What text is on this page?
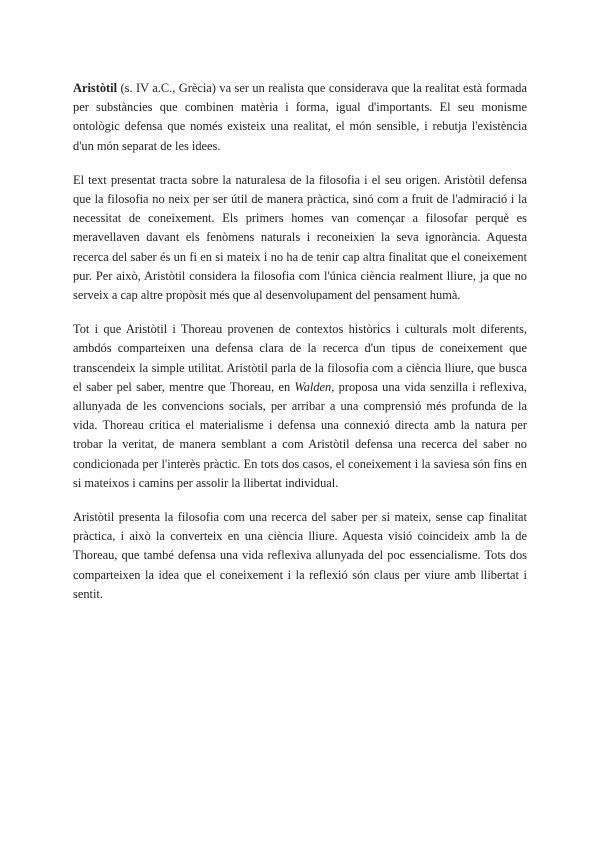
Aristòtil (s. IV a.C., Grècia) va ser un realista que considerava que la realitat està formada per substàncies que combinen matèria i forma, igual d'importants. El seu monisme ontològic defensa que només existeix una realitat, el món sensible, i rebutja l'existència d'un món separat de les idees.

El text presentat tracta sobre la naturalesa de la filosofia i el seu origen. Aristòtil defensa que la filosofia no neix per ser útil de manera pràctica, sinó com a fruit de l'admiració i la necessitat de coneixement. Els primers homes van començar a filosofar perquè es meravellaven davant els fenòmens naturals i reconeixien la seva ignorància. Aquesta recerca del saber és un fi en si mateix i no ha de tenir cap altra finalitat que el coneixement pur. Per això, Aristòtil considera la filosofia com l'única ciència realment lliure, ja que no serveix a cap altre propòsit més que al desenvolupament del pensament humà.

Tot i que Aristòtil i Thoreau provenen de contextos històrics i culturals molt diferents, ambdós comparteixen una defensa clara de la recerca d'un tipus de coneixement que transcendeix la simple utilitat. Aristòtil parla de la filosofia com a ciència lliure, que busca el saber pel saber, mentre que Thoreau, en Walden, proposa una vida senzilla i reflexiva, allunyada de les convencions socials, per arribar a una comprensió més profunda de la vida. Thoreau critica el materialisme i defensa una connexió directa amb la natura per trobar la veritat, de manera semblant a com Aristòtil defensa una recerca del saber no condicionada per l'interès pràctic. En tots dos casos, el coneixement i la saviesa són fins en si mateixos i camins per assolir la llibertat individual.

Aristòtil presenta la filosofia com una recerca del saber per si mateix, sense cap finalitat pràctica, i això la converteix en una ciència lliure. Aquesta visió coincideix amb la de Thoreau, que també defensa una vida reflexiva allunyada del poc essencialisme. Tots dos comparteixen la idea que el coneixement i la reflexió són claus per viure amb llibertat i sentit.
